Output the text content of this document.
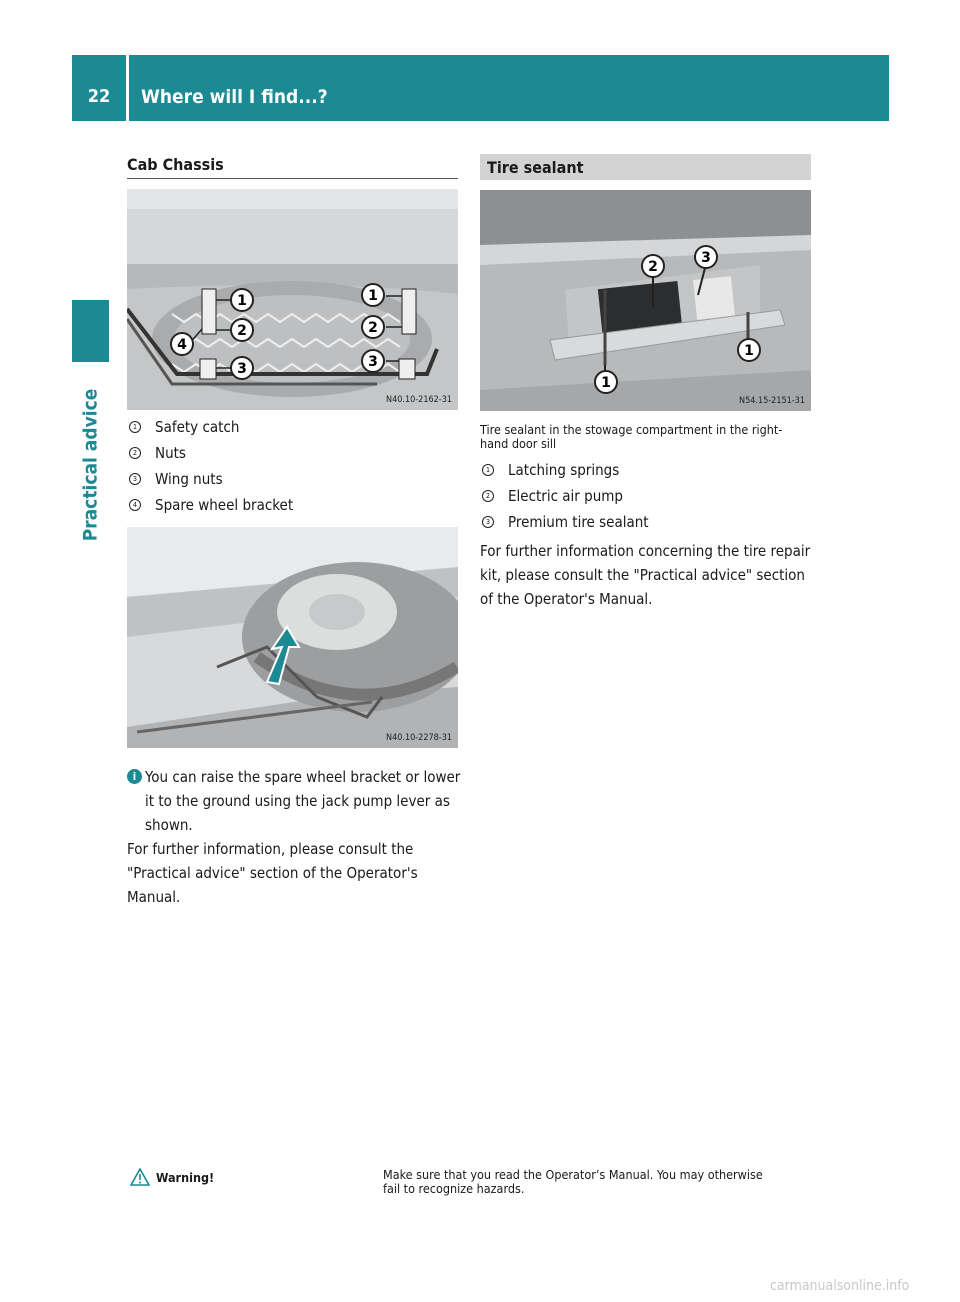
22	Where will I find...?
Practical advice
Cab Chassis
1
2
3
4
1
2
3
N40.10-2162-31
1 Safety catch
2 Nuts
3 Wing nuts
4 Spare wheel bracket
N40.10-2278-31
i You can raise the spare wheel bracket or lower it to the ground using the jack pump lever as shown.
For further information, please consult the "Practical advice" section of the Operator's Manual.
Tire sealant
2
3
1
1
N54.15-2151-31
Tire sealant in the stowage compartment in the right-hand door sill
1 Latching springs
2 Electric air pump
3 Premium tire sealant
For further information concerning the tire repair kit, please consult the "Practical advice" section of the Operator's Manual.
Warning!	Make sure that you read the Operator’s Manual. You may otherwise fail to recognize hazards.
carmanualsonline.info
